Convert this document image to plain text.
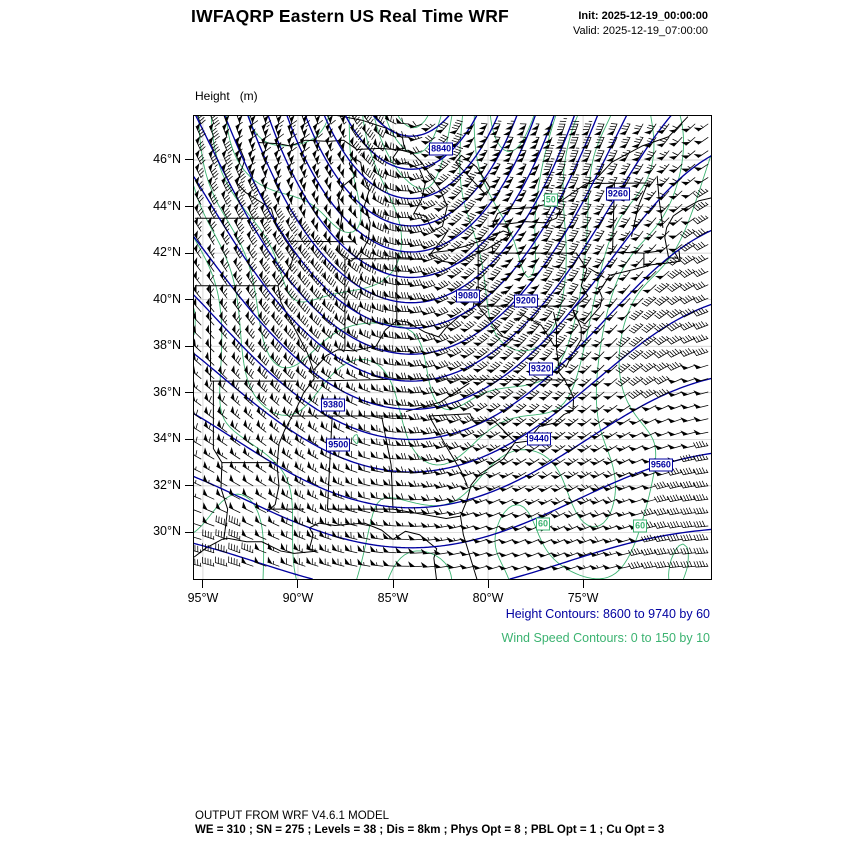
IWFAQRP Eastern US Real Time WRF	Init: 2025-12-19_00:00:00
Valid: 2025-12-19_07:00:00

Height   (m)

8840
9260
50
9080
9200
9320
9380
9500
9440
9560
60	60
46°N
44°N
42°N
40°N
38°N
36°N
34°N
32°N
30°N
95°W	90°W	85°W	80°W	75°W
Height Contours: 8600 to 9740 by 60
Wind Speed Contours: 0 to 150 by 10
OUTPUT FROM WRF V4.6.1 MODEL
WE = 310 ; SN = 275 ; Levels = 38 ; Dis = 8km ; Phys Opt = 8 ; PBL Opt = 1 ; Cu Opt = 3
